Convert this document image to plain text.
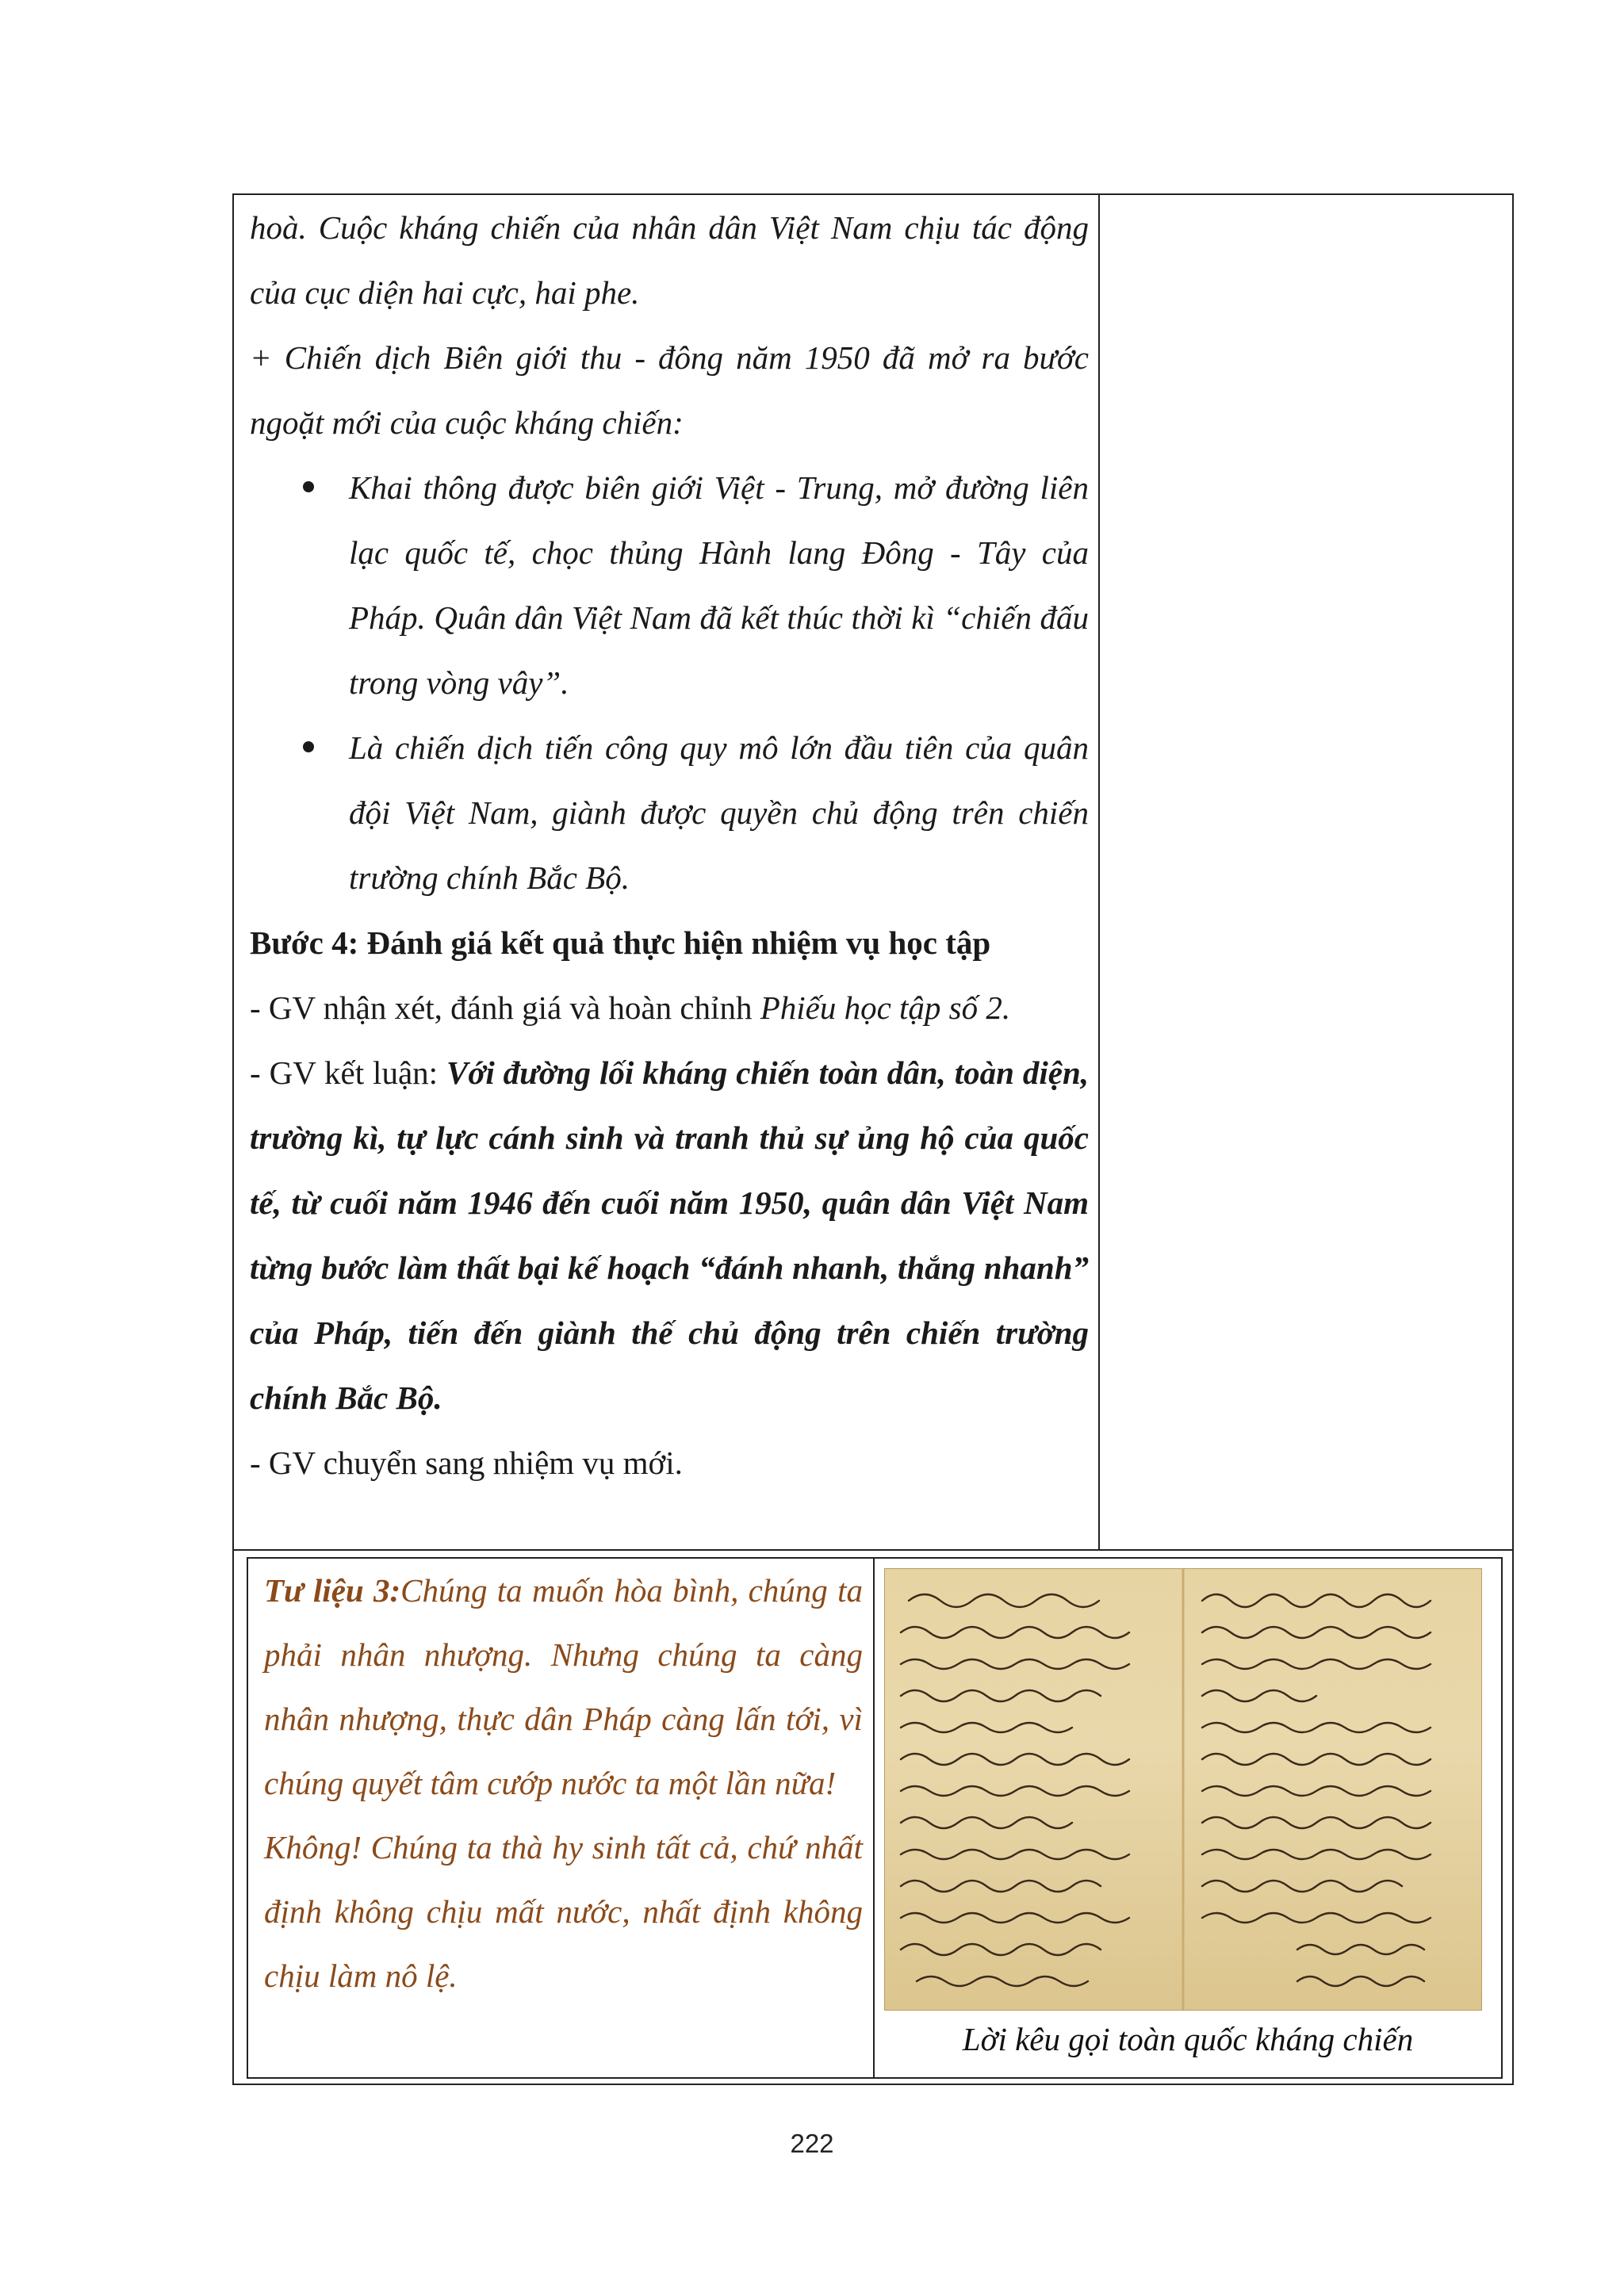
hoà. Cuộc kháng chiến của nhân dân Việt Nam chịu tác động của cục diện hai cực, hai phe.

+ Chiến dịch Biên giới thu - đông năm 1950 đã mở ra bước ngoặt mới của cuộc kháng chiến:

Khai thông được biên giới Việt - Trung, mở đường liên lạc quốc tế, chọc thủng Hành lang Đông - Tây của Pháp. Quân dân Việt Nam đã kết thúc thời kì “chiến đấu trong vòng vây”.
Là chiến dịch tiến công quy mô lớn đầu tiên của quân đội Việt Nam, giành được quyền chủ động trên chiến trường chính Bắc Bộ.

Bước 4: Đánh giá kết quả thực hiện nhiệm vụ học tập

- GV nhận xét, đánh giá và hoàn chỉnh Phiếu học tập số 2.

- GV kết luận: Với đường lối kháng chiến toàn dân, toàn diện, trường kì, tự lực cánh sinh và tranh thủ sự ủng hộ của quốc tế, từ cuối năm 1946 đến cuối năm 1950, quân dân Việt Nam từng bước làm thất bại kế hoạch “đánh nhanh, thắng nhanh” của Pháp, tiến đến giành thế chủ động trên chiến trường chính Bắc Bộ.

- GV chuyển sang nhiệm vụ mới.

Tư liệu 3:Chúng ta muốn hòa bình, chúng ta phải nhân nhượng. Nhưng chúng ta càng nhân nhượng, thực dân Pháp càng lấn tới, vì chúng quyết tâm cướp nước ta một lần nữa!

Không! Chúng ta thà hy sinh tất cả, chứ nhất định không chịu mất nước, nhất định không chịu làm nô lệ.

Lời kêu gọi toàn quốc kháng chiến
222
